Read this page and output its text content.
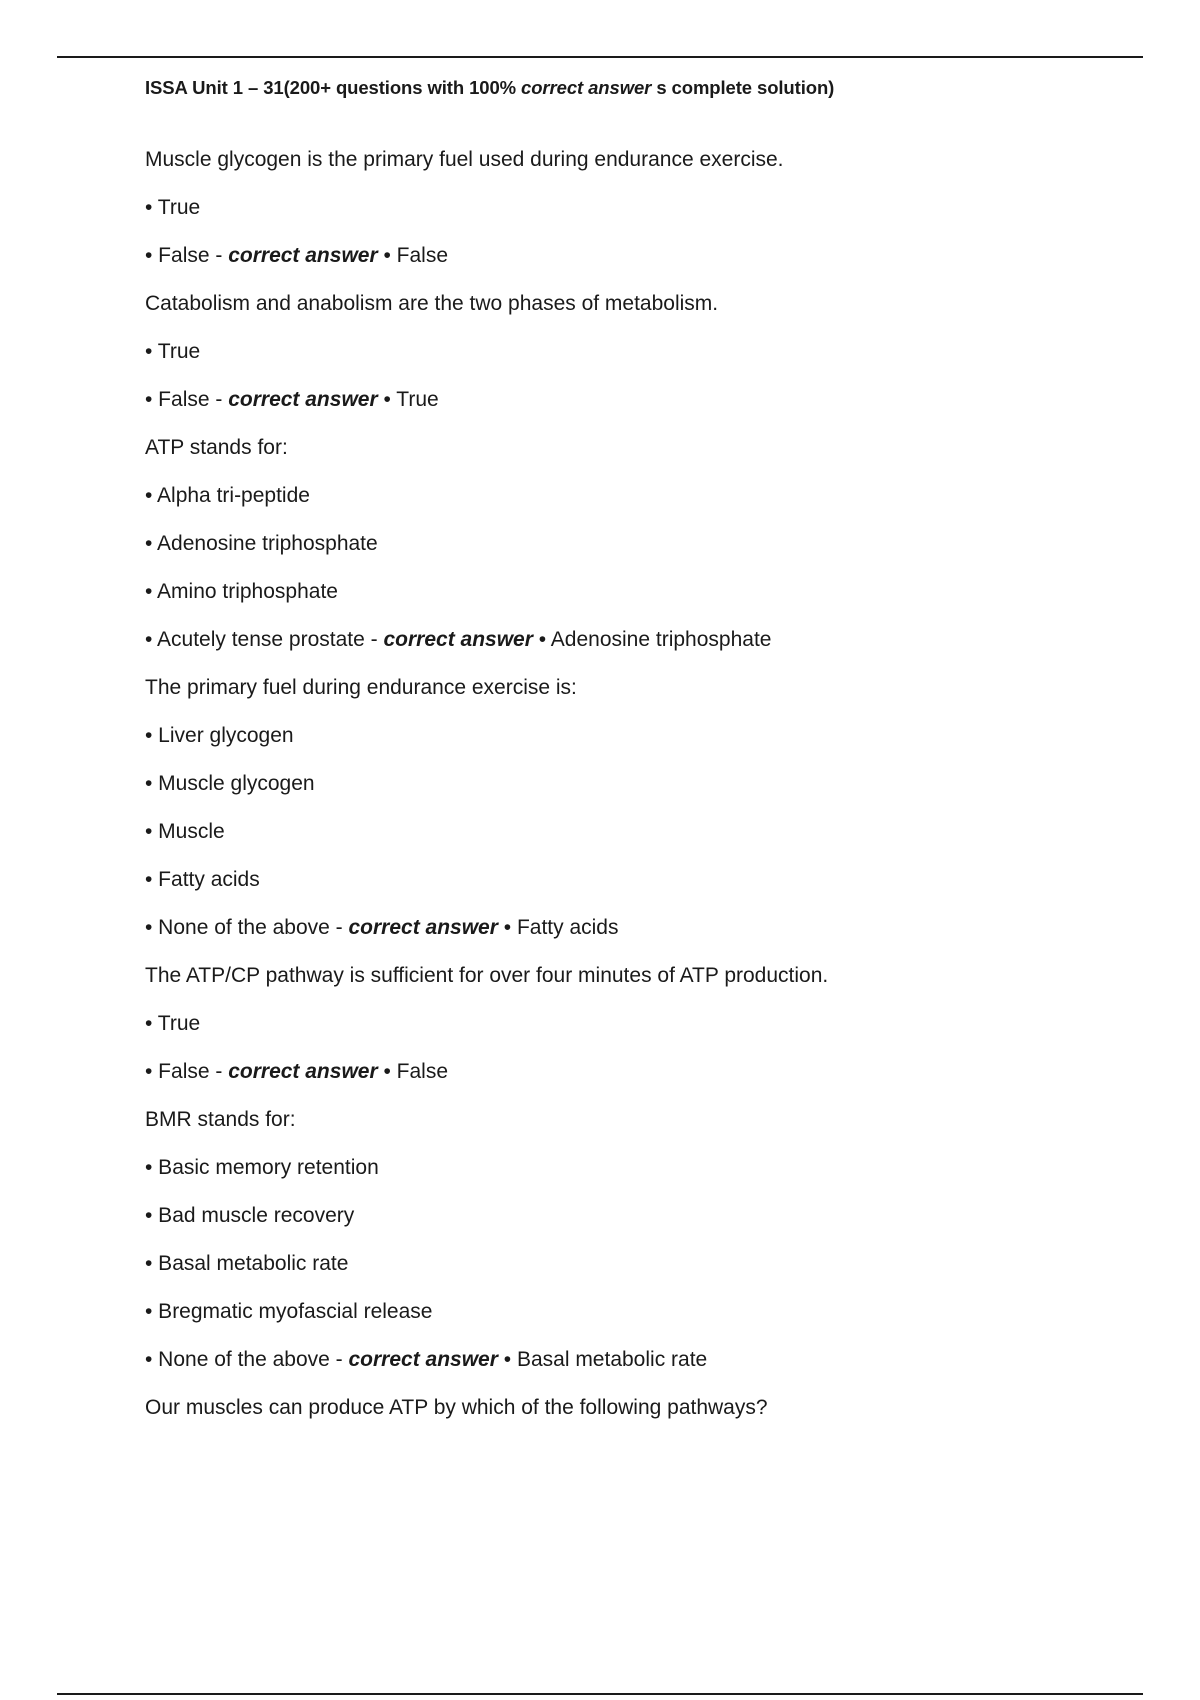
ISSA Unit 1 – 31(200+ questions with 100% correct answer s complete solution)
Muscle glycogen is the primary fuel used during endurance exercise.
• True
• False - correct answer • False
Catabolism and anabolism are the two phases of metabolism.
• True
• False - correct answer • True
ATP stands for:
• Alpha tri-peptide
• Adenosine triphosphate
• Amino triphosphate
• Acutely tense prostate - correct answer • Adenosine triphosphate
The primary fuel during endurance exercise is:
• Liver glycogen
• Muscle glycogen
• Muscle
• Fatty acids
• None of the above - correct answer • Fatty acids
The ATP/CP pathway is sufficient for over four minutes of ATP production.
• True
• False - correct answer • False
BMR stands for:
• Basic memory retention
• Bad muscle recovery
• Basal metabolic rate
• Bregmatic myofascial release
• None of the above - correct answer • Basal metabolic rate
Our muscles can produce ATP by which of the following pathways?
